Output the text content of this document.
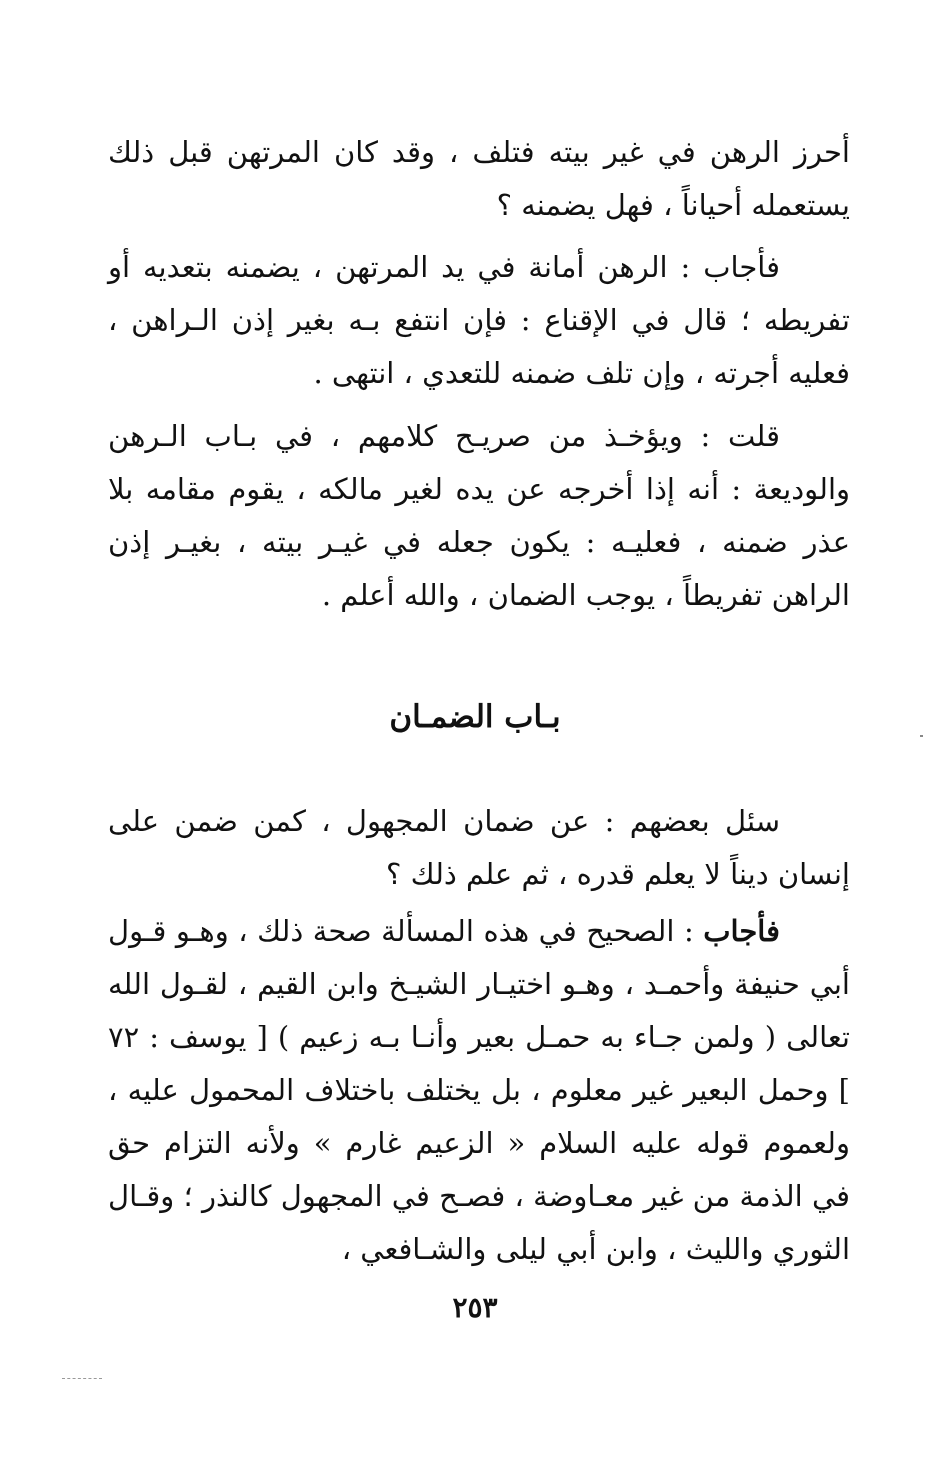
أحرز الرهن في غير بيته فتلف ، وقد كان المرتهن قبل ذلك يستعمله أحياناً ، فهل يضمنه ؟

فأجاب : الرهن أمانة في يد المرتهن ، يضمنه بتعديه أو تفريطه ؛ قال في الإقناع : فإن انتفع بـه بغير إذن الـراهن ، فعليه أجرته ، وإن تلف ضمنه للتعدي ، انتهى .

قلت : ويؤخـذ من صريـح كلامهم ، في بـاب الـرهن والوديعة : أنه إذا أخرجه عن يده لغير مالكه ، يقوم مقامه بلا عذر ضمنه ، فعليـه : يكون جعله في غيـر بيته ، بغيـر إذن الراهن تفريطاً ، يوجب الضمان ، والله أعلم .

بـاب الضمـان

سئل بعضهم : عن ضمان المجهول ، كمن ضمن على إنسان ديناً لا يعلم قدره ، ثم علم ذلك ؟

فأجاب : الصحيح في هذه المسألة صحة ذلك ، وهـو قـول أبي حنيفة وأحمـد ، وهـو اختيـار الشيـخ وابن القيم ، لقـول الله تعالى ( ولمن جـاء به حمـل بعير وأنـا بـه زعيم ) [ يوسف : ٧٢ ] وحمل البعير غير معلوم ، بل يختلف باختلاف المحمول عليه ، ولعموم قوله عليه السلام « الزعيم غارم » ولأنه التزام حق في الذمة من غير معـاوضة ، فصـح في المجهول كالنذر ؛ وقـال الثوري والليث ، وابن أبي ليلى والشـافعي ،

٢٥٣
